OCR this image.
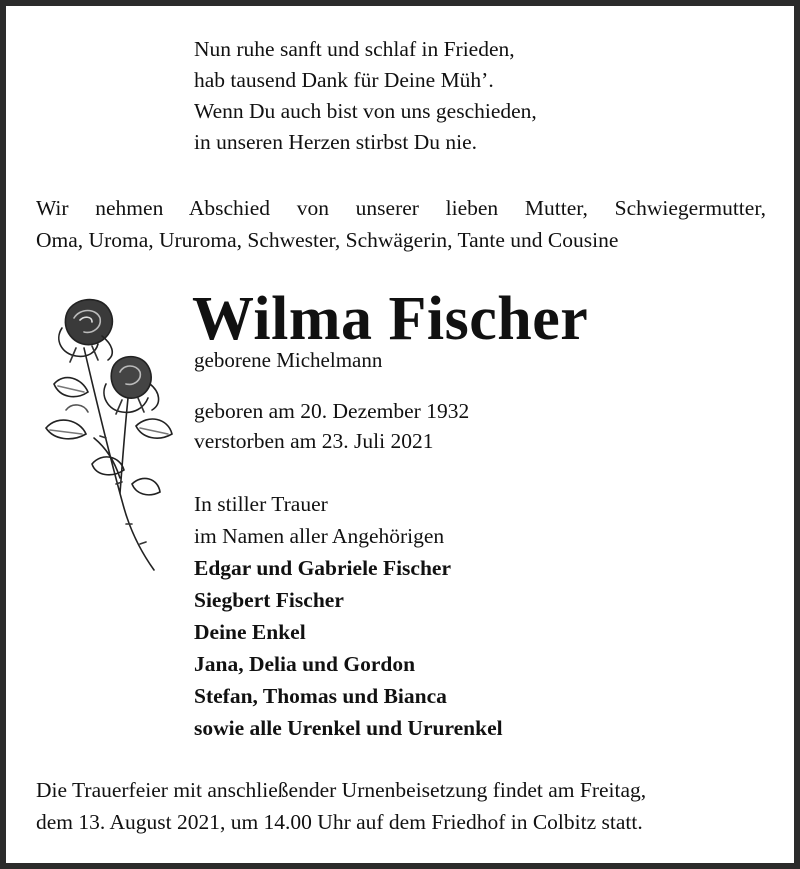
Nun ruhe sanft und schlaf in Frieden,
hab tausend Dank für Deine Müh’.
Wenn Du auch bist von uns geschieden,
in unseren Herzen stirbst Du nie.
Wir nehmen Abschied von unserer lieben Mutter, Schwiegermutter,
Oma, Uroma, Ururoma, Schwester, Schwägerin, Tante und Cousine
Wilma Fischer
geborene Michelmann
geboren am 20. Dezember 1932
verstorben am 23. Juli 2021
In stiller Trauer
im Namen aller Angehörigen
Edgar und Gabriele Fischer
Siegbert Fischer
Deine Enkel
Jana, Delia und Gordon
Stefan, Thomas und Bianca
sowie alle Urenkel und Ururenkel
Die Trauerfeier mit anschließender Urnenbeisetzung findet am Freitag,
dem 13. August 2021, um 14.00 Uhr auf dem Friedhof in Colbitz statt.
